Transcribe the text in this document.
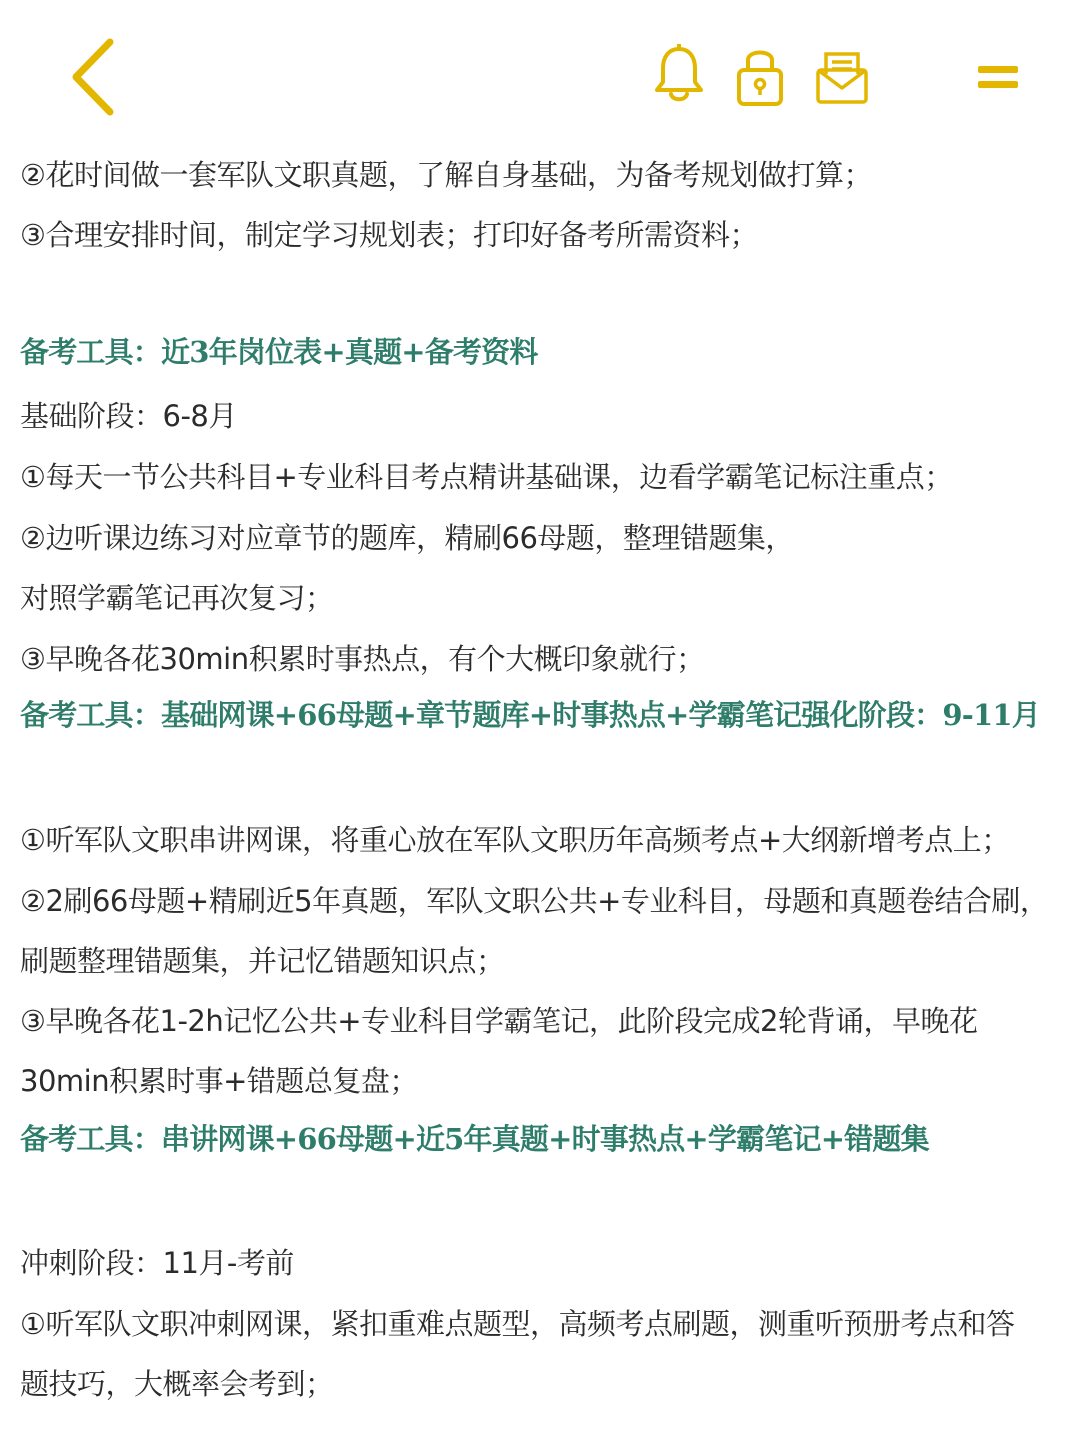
②花时间做一套军队文职真题，了解自身基础，为备考规划做打算；
③合理安排时间，制定学习规划表；打印好备考所需资料；
备考工具：近3年岗位表+真题+备考资料
基础阶段：6-8月
①每天一节公共科目+专业科目考点精讲基础课，边看学霸笔记标注重点；
②边听课边练习对应章节的题库，精刷66母题，整理错题集，
对照学霸笔记再次复习；
③早晚各花30min积累时事热点，有个大概印象就行；
备考工具：基础网课+66母题+章节题库+时事热点+学霸笔记强化阶段：9-11月
①听军队文职串讲网课，将重心放在军队文职历年高频考点+大纲新增考点上；
②2刷66母题+精刷近5年真题，军队文职公共+专业科目，母题和真题卷结合刷，
刷题整理错题集，并记忆错题知识点；
③早晚各花1-2h记忆公共+专业科目学霸笔记，此阶段完成2轮背诵，早晚花
30min积累时事+错题总复盘；
备考工具：串讲网课+66母题+近5年真题+时事热点+学霸笔记+错题集
冲刺阶段：11月-考前
①听军队文职冲刺网课，紧扣重难点题型，高频考点刷题，测重听预册考点和答
题技巧，大概率会考到；
